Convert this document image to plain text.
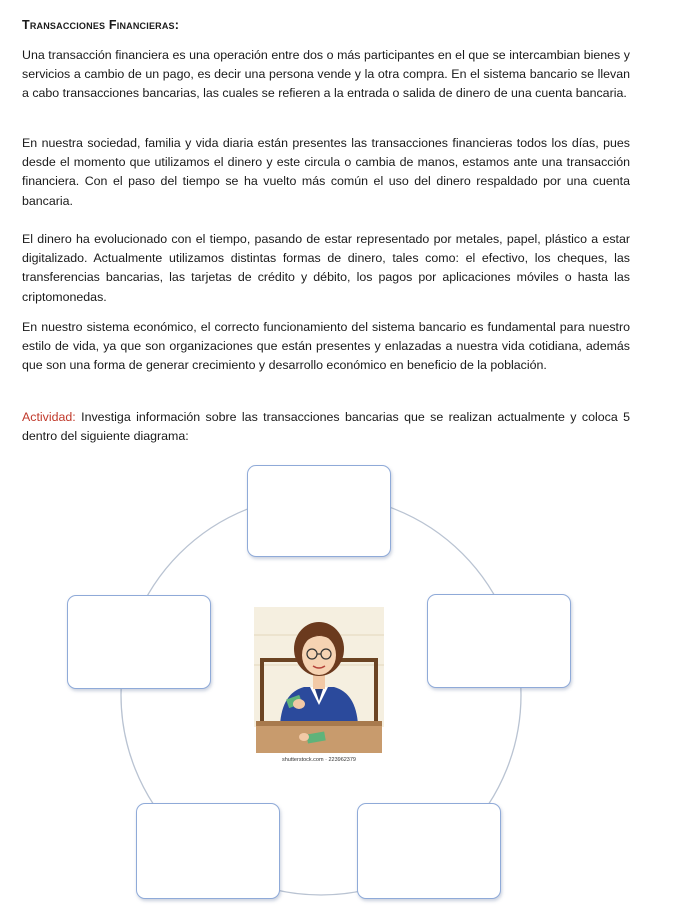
Transacciones Financieras:

Una transacción financiera es una operación entre dos o más participantes en el que se intercambian bienes y servicios a cambio de un pago, es decir una persona vende y la otra compra. En el sistema bancario se llevan a cabo transacciones bancarias, las cuales se refieren a la entrada o salida de dinero de una cuenta bancaria.

En nuestra sociedad, familia y vida diaria están presentes las transacciones financieras todos los días, pues desde el momento que utilizamos el dinero y este circula o cambia de manos, estamos ante una transacción financiera. Con el paso del tiempo se ha vuelto más común el uso del dinero respaldado por una cuenta bancaria.

El dinero ha evolucionado con el tiempo, pasando de estar representado por metales, papel, plástico a estar digitalizado. Actualmente utilizamos distintas formas de dinero, tales como: el efectivo, los cheques, las transferencias bancarias, las tarjetas de crédito y débito, los pagos por aplicaciones móviles o hasta las criptomonedas.

En nuestro sistema económico, el correcto funcionamiento del sistema bancario es fundamental para nuestro estilo de vida, ya que son organizaciones que están presentes y enlazadas a nuestra vida cotidiana, además que son una forma de generar crecimiento y desarrollo económico en beneficio de la población.

Actividad: Investiga información sobre las transacciones bancarias que se realizan actualmente y coloca 5 dentro del siguiente diagrama:

shutterstock.com · 223962379
